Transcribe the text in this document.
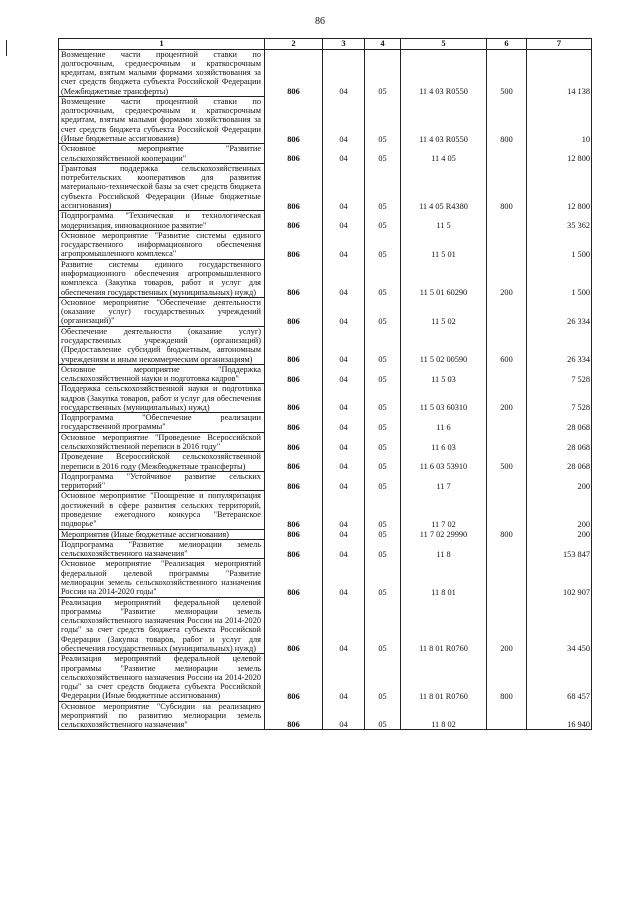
86
1	2	3	4	5	6	7
Возмещение части процентной ставки по долгосрочным, среднесрочным и краткосрочным кредитам, взятым малыми формами хозяйствования за счет средств бюджета субъекта Российской Федерации (Межбюджетные трансферты)	806	04	05	11 4 03 R0550	500	14 138
Возмещение части процентной ставки по долгосрочным, среднесрочным и краткосрочным кредитам, взятым малыми формами хозяйствования за счет средств бюджета субъекта Российской Федерации (Иные бюджетные ассигнования)	806	04	05	11 4 03 R0550	800	10
Основное мероприятие "Развитие сельскохозяйственной кооперации"	806	04	05	11 4 05		12 800
Грантовая поддержка сельскохозяйственных потребительских кооперативов для развития материально-технической базы за счет средств бюджета субъекта Российской Федерации (Иные бюджетные ассигнования)	806	04	05	11 4 05 R4380	800	12 800
Подпрограмма "Техническая и технологическая модернизация, инновационное развитие"	806	04	05	11 5		35 362
Основное мероприятие "Развитие системы единого государственного информационного обеспечения агропромышленного комплекса"	806	04	05	11 5 01		1 500
Развитие системы единого государственного информационного обеспечения агропромышленного комплекса (Закупка товаров, работ и услуг для обеспечения государственных (муниципальных) нужд)	806	04	05	11 5 01 60290	200	1 500
Основное мероприятие "Обеспечение деятельности (оказание услуг) государственных учреждений (организаций)"	806	04	05	11 5 02		26 334
Обеспечение деятельности (оказание услуг) государственных учреждений (организаций) (Предоставление субсидий бюджетным, автономным учреждениям и иным некоммерческим организациям)	806	04	05	11 5 02 00590	600	26 334
Основное мероприятие "Поддержка сельскохозяйственной науки и подготовка кадров"	806	04	05	11 5 03		7 528
Поддержка сельскохозяйственной науки и подготовка кадров (Закупка товаров, работ и услуг для обеспечения государственных (муниципальных) нужд)	806	04	05	11 5 03 60310	200	7 528
Подпрограмма "Обеспечение реализации государственной программы"	806	04	05	11 6		28 068
Основное мероприятие "Проведение Всероссийской сельскохозяйственной переписи в 2016 году"	806	04	05	11 6 03		28 068
Проведение Всероссийской сельскохозяйственной переписи в 2016 году (Межбюджетные трансферты)	806	04	05	11 6 03 53910	500	28 068
Подпрограмма "Устойчивое развитие сельских территорий"	806	04	05	11 7		200
Основное мероприятие "Поощрение и популяризация достижений в сфере развития сельских территорий, проведение ежегодного конкурса "Ветеранское подворье"	806	04	05	11 7 02		200
Мероприятия (Иные бюджетные ассигнования)	806	04	05	11 7 02 29990	800	200
Подпрограмма "Развитие мелиорации земель сельскохозяйственного назначения"	806	04	05	11 8		153 847
Основное мероприятие "Реализация мероприятий федеральной целевой программы "Развитие мелиорации земель сельскохозяйственного назначения России на 2014-2020 годы"	806	04	05	11 8 01		102 907
Реализация мероприятий федеральной целевой программы "Развитие мелиорации земель сельскохозяйственного назначения России на 2014-2020 годы" за счет средств бюджета субъекта Российской Федерации (Закупка товаров, работ и услуг для обеспечения государственных (муниципальных) нужд)	806	04	05	11 8 01 R0760	200	34 450
Реализация мероприятий федеральной целевой программы "Развитие мелиорации земель сельскохозяйственного назначения России на 2014-2020 годы" за счет средств бюджета субъекта Российской Федерации (Иные бюджетные ассигнования)	806	04	05	11 8 01 R0760	800	68 457
Основное мероприятие "Субсидии на реализацию мероприятий по развитию мелиорации земель сельскохозяйственного назначения"	806	04	05	11 8 02		16 940
